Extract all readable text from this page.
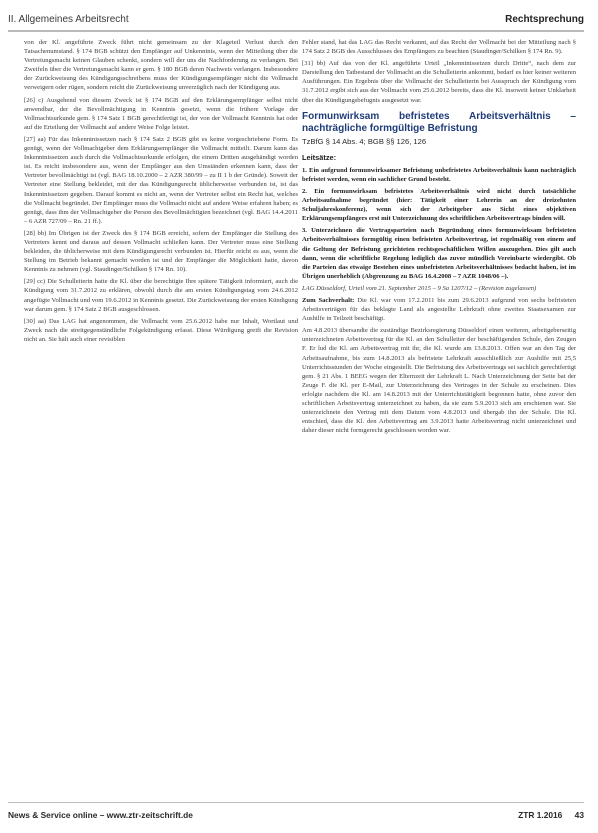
II. Allgemeines Arbeitsrecht	Rechtsprechung

von der Kl. angeführte Zweck führt nicht gemeinsam zu der Klageteil Verlust durch den Tatsachenumstand. § 174 BGB schützt den Empfänger auf Unkenntnis, wenn der Mitteilung über die Vertretungsmacht keinen Glauben schenkt, sondern will der uns die Nachforderung zu verlangen. Bei Zweifeln über die Vertretungsmacht kann er gem. § 180 BGB deren Nachweis verlangen. Insbesondere der Zurückweisung des Kündigungsschreibens muss der Kündigungsempfänger nicht die Vollmacht verweigern oder rügen, sondern reicht die Zurückweisung unverzüglich nach der Kündigung aus.

[26] c) Ausgehend von diesem Zweck ist § 174 BGB auf den Erklärungsempfänger selbst nicht anwendbar, der die Bevollmächtigung in Kenntnis gesetzt, wenn die frühere Vorlage der Vollmachtsurkunde gem. § 174 Satz 1 BGB gerechtfertigt ist, der von der Vollmacht Kenntnis hat oder auf die Erteilung der Vollmacht auf andere Weise Folge leistet.

[27] aa) Für das Inkenntnissetzen nach § 174 Satz 2 BGB gibt es keine vorgeschriebene Form. Es genügt, wenn der Vollmachtgeber dem Erklärungsempfänger die Vollmacht mitteilt. Darum kann das Inkenntnissetzen auch durch die Vollmachtsurkunde erfolgen, die einem Dritten ausgehändigt worden ist. Es reicht insbesondere aus, wenn der Empfänger aus den Umständen erkennen kann, dass der Vertreter bevollmächtigt ist (vgl. BAG 18.10.2000 – 2 AZR 380/99 – zu II 1 b der Gründe). Soweit der Vertreter eine Stellung bekleidet, mit der das Kündigungsrecht üblicherweise verbunden ist, ist das Inkenntnissetzen gegeben. Darauf kommt es nicht an, wenn der Vertreter selbst ein Recht hat, welches die Vollmacht begründet. Der Empfänger muss die Vollmacht nicht auf andere Weise erfahren haben; es genügt, dass ihm der Vollmachtgeber die Person des Bevollmächtigten bezeichnet (vgl. BAG 14.4.2011 – 6 AZR 727/09 – Rn. 21 ff.).

[28] bb) Im Übrigen ist der Zweck des § 174 BGB erreicht, sofern der Empfänger die Stellung des Vertreters kennt und daraus auf dessen Vollmacht schließen kann. Der Vertreter muss eine Stellung bekleiden, die üblicherweise mit dem Kündigungsrecht verbunden ist. Hierfür reicht es aus, wenn die Stellung im Betrieb bekannt gemacht worden ist und der Empfänger die Möglichkeit hatte, davon Kenntnis zu nehmen (vgl. Staudinger/Schilken § 174 Rn. 10).

[29] cc) Die Schulleiterin hatte die Kl. über die berechtigte Ihre spätere Tätigkeit informiert, auch die Kündigung vom 31.7.2012 zu erklären, obwohl durch die am ersten Kündigungstag vom 24.6.2012 angefügte Vollmacht und vom 19.6.2012 in Kenntnis gesetzt. Die Zurückweisung der ersten Kündigung war darum gem. § 174 Satz 2 BGB ausgeschlossen.

[30] aa) Das LAG hat angenommen, die Vollmacht vom 25.6.2012 habe nur Inhalt, Wortlaut und Zweck nach die streitgegenständliche Folgekündigung erfasst. Diese Würdigung greift die Revision nicht an. Sie hält auch einer revisiblen

Fehler stand, hat das LAG das Recht verkannt, auf das Recht der Vollmacht bei der Mitteilung nach § 174 Satz 2 BGB des Ausschlusses des Empfängers zu beachten (Staudinger/Schilken § 174 Rn. 9).

[31] bb) Auf das von der Kl. angeführte Urteil „Inkenntnissetzen durch Dritte“, nach dem zur Darstellung den Tatbestand der Vollmacht an die Schulleiterin ankommt, bedarf es hier keiner weiteren Ausführungen. Ein Ergebnis über die Vollmacht der Schulleiterin bei Ausspruch der Kündigung vom 31.7.2012 ergibt sich aus der Vollmacht vom 25.6.2012 bereits, dass die Kl. insoweit keiner Unklarheit über die Kündigungsbefugnis ausgesetzt war.

Formunwirksam befristetes Arbeitsverhältnis – nachträgliche formgültige Befristung
TzBfG § 14 Abs. 4; BGB §§ 126, 126
Leitsätze:

1. Ein aufgrund formunwirksamer Befristung unbefristetes Arbeitsverhältnis kann nachträglich befristet werden, wenn ein sachlicher Grund besteht.

2. Ein formunwirksam befristetes Arbeitsverhältnis wird nicht durch tatsächliche Arbeitsaufnahme begründet (hier: Tätigkeit einer Lehrerin an der dreizehnten Schuljahreskonferenz), wenn sich der Arbeitgeber aus Sicht eines objektiven Erklärungsempfängers erst mit Unterzeichnung des schriftlichen Arbeitsvertrags binden will.

3. Unterzeichnen die Vertragsparteien nach Begründung eines formunwirksam befristeten Arbeitsverhältnisses formgültig einen befristeten Arbeitsvertrag, ist regelmäßig von einem auf die Geltung der Befristung gerichteten rechtsgeschäftlichen Willen auszugehen. Dies gilt auch dann, wenn die schriftliche Regelung lediglich das zuvor mündlich Vereinbarte wiedergibt. Ob die Parteien das etwaige Bestehen eines unbefristeten Arbeitsverhältnisses bedacht haben, ist im Übrigen unerheblich (Abgrenzung zu BAG 16.4.2008 – 7 AZR 1048/06 –).

LAG Düsseldorf, Urteil vom 21. September 2015 – 9 Sa 1207/12 – (Revision zugelassen)

Zum Sachverhalt: Die Kl. war vom 17.2.2011 bis zum 29.6.2013 aufgrund von sechs befristeten Arbeitsverträgen für das beklagte Land als angestellte Lehrkraft ohne zweites Staatsexamen zur Aushilfe in Teilzeit beschäftigt.

Am 4.8.2013 übersandte die zuständige Bezirksregierung Düsseldorf einen weiteren, arbeitgeberseitig unterzeichneten Arbeitsvertrag für die Kl. an den Schulleiter der beschäftigenden Schule, den Zeugen F. Er lud die Kl. am Arbeitsvertrag mit ihr, die Kl. wurde am 13.8.2013. Offen war an den Tag der Arbeitsaufnahme, bis zum 14.8.2013 als befristete Lehrkraft ausschließlich zur Aushilfe mit 25,5 Unterrichtsstunden der Woche eingestellt. Die Befristung des Arbeitsvertrags sei sachlich gerechtfertigt gem. § 21 Abs. 1 BEEG wegen der Elternzeit der Lehrkraft L. Nach Unterzeichnung der Seite bat der Zeuge F. die Kl. per E-Mail, zur Unterzeichnung des Vertrages in der Schule zu erscheinen. Dies erfolgte nachdem die Kl. am 14.8.2013 mit der Unterrichtstätigkeit begonnen hatte, ohne zuvor den schriftlichen Arbeitsvertrag unterzeichnet zu haben, da sie zum 5.9.2013 sich am erschienen war. Sie unterzeichnete den Vertrag mit dem Datum vom 4.8.2013 und übergab ihn der Schule. Die Kl. entschied, dass die Kl. den Arbeitsvertrag am 3.9.2013 hatte Arbeitsvertrag nicht unterzeichnet und daher dieser nicht formgerecht geschlossen worden war.

News & Service online – www.ztr-zeitschrift.de	ZTR 1.2016 43
